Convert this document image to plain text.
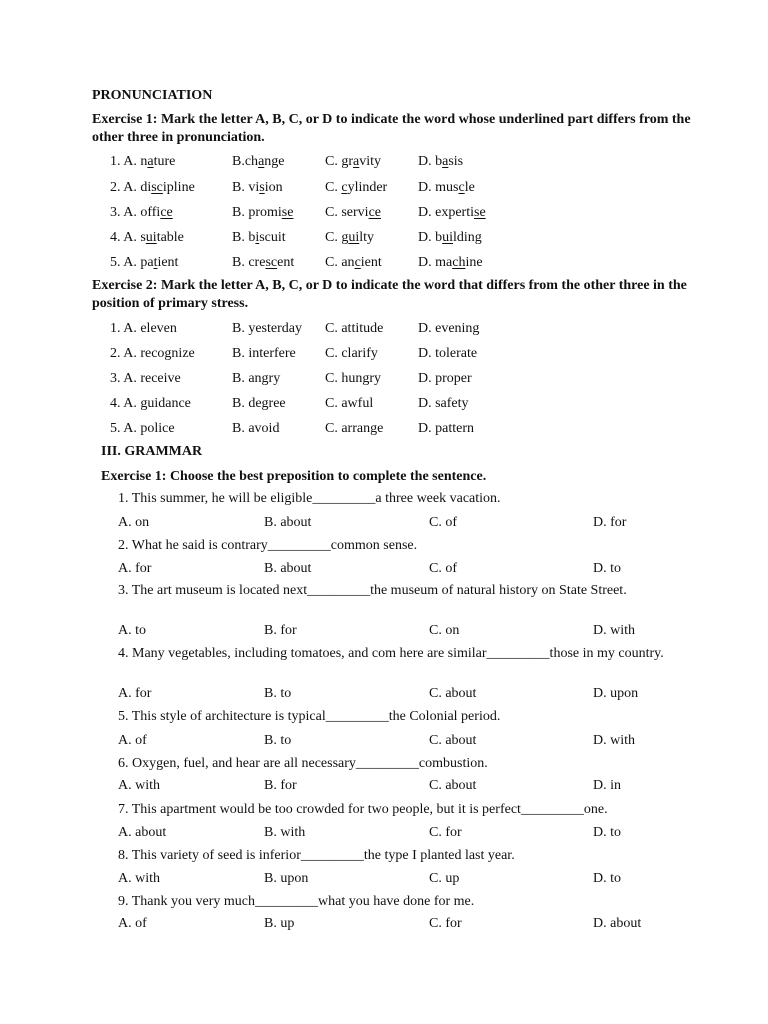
PRONUNCIATION
Exercise 1: Mark the letter A, B, C, or D to indicate the word whose underlined part differs from the other three in pronunciation.
1. A. nature	B.change	C. gravity	D. basis
2. A. discipline	B. vision	C. cylinder D. muscle
3. A. office	B. promise C. service	D. expertise
4. A. suitable	B. biscuit	C. guilty	D. building
5. A. patient	B. crescent C. ancient	D. machine
Exercise 2: Mark the letter A, B, C, or D to indicate the word that differs from the other three in the position of primary stress.
1. A. eleven	B. yesterday C. attitude D. evening
2. A. recognize	B. interfere C. clarify	D. tolerate
3. A. receive	B. angry	C. hungry	D. proper
4. A. guidance	B. degree	C. awful	D. safety
5. A. police	B. avoid	C. arrange D. pattern
III. GRAMMAR
Exercise 1: Choose the best preposition to complete the sentence.
1. This summer, he will be eligible_________a three week vacation.
A. on	B. about	C. of	D. for
2. What he said is contrary_________common sense.
A. for	B. about	C. of	D. to
3. The art museum is located next_________the museum of natural history on State Street.
A. to	B. for	C. on	D. with
4. Many vegetables, including tomatoes, and com here are similar_________those in my country.
A. for	B. to	C. about	D. upon
5. This style of architecture is typical_________the Colonial period.
A. of	B. to	C. about	D. with
6. Oxygen, fuel, and hear are all necessary_________combustion.
A. with	B. for	C. about	D. in
7. This apartment would be too crowded for two people, but it is perfect_________one.
A. about	B. with	C. for	D. to
8. This variety of seed is inferior_________the type I planted last year.
A. with	B. upon	C. up	D. to
9. Thank you very much_________what you have done for me.
A. of	B. up	C. for	D. about
